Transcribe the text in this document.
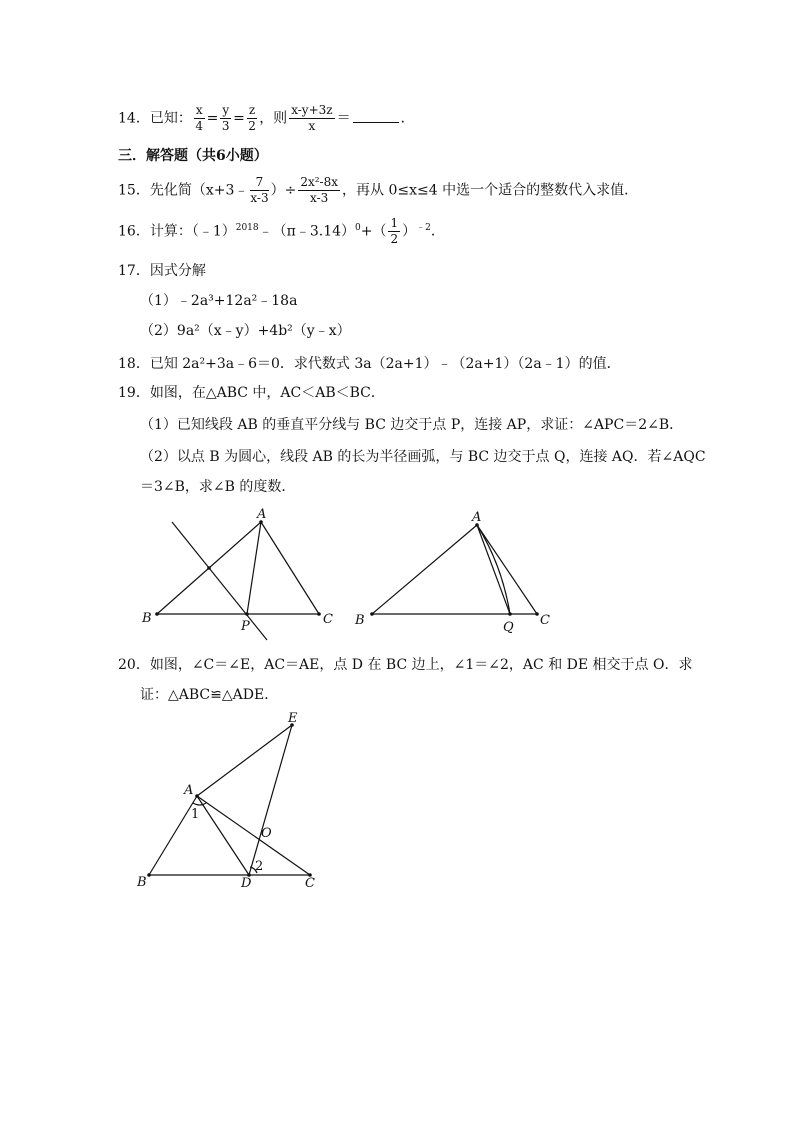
14．已知： $\frac{x}{4} = \frac{y}{3} = \frac{z}{2}$ ，则 $\frac{x-y+3z}{x}$ ＝	．
三．解答题（共6小题）
15．先化简（x+3﹣ $\frac{7}{x-3}$ ）÷ $\frac{\text{2x²-8x}}{x-3}$ ，再从 0≤x≤4 中选一个适合的整数代入求值．
16．计算：（﹣1）$^{2018}$﹣（π﹣3.14）$^0$+（ $\frac{1}{2} )^{﹣2}$．
17．因式分解
（1）﹣2a³+12a²﹣18a
（2）9a²（x﹣y）+4b²（y﹣x）
18．已知 2a²+3a﹣6＝0．求代数式 3a（2a+1）﹣（2a+1）（2a﹣1）的值．
19．如图，在△ABC 中，AC＜AB＜BC．
（1）已知线段 AB 的垂直平分线与 BC 边交于点 P，连接 AP，求证：∠APC＝2∠B．
（2）以点 B 为圆心，线段 AB 的长为半径画弧，与 BC 边交于点 Q，连接 AQ．若∠AQC
＝3∠B，求∠B 的度数．
A
B	C
P
A
B	C
Q
20．如图，∠C＝∠E，AC＝AE，点 D 在 BC 边上，∠1＝∠2，AC 和 DE 相交于点 O．求
证：△ABC≌△ADE．
E
A
O
B	D	C
1
2
